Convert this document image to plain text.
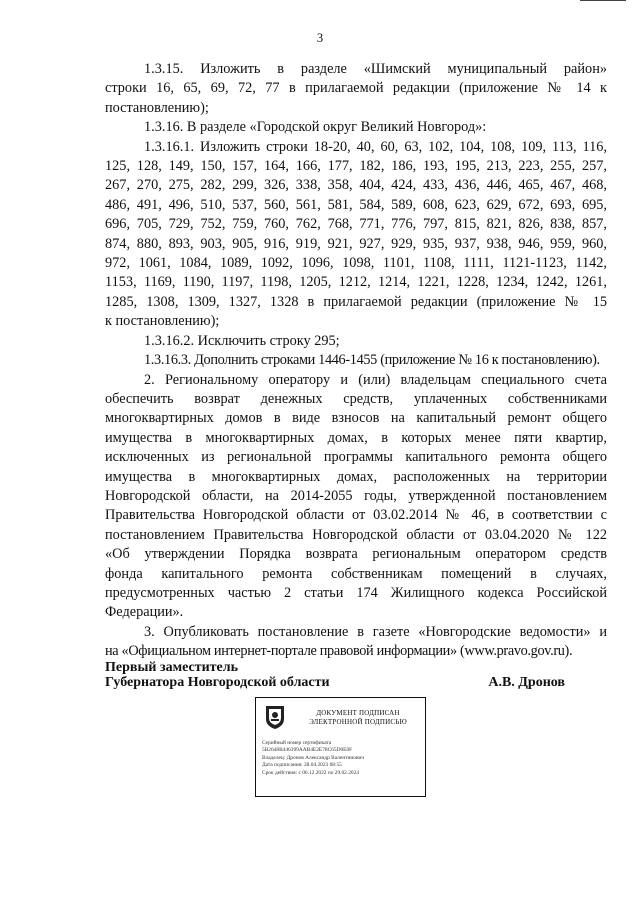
3
1.3.15. Изложить в разделе «Шимский муниципальный район»
строки 16, 65, 69, 72, 77 в прилагаемой редакции (приложение № 14 к
постановлению);
1.3.16. В разделе «Городской округ Великий Новгород»:
1.3.16.1. Изложить строки 18-20, 40, 60, 63, 102, 104, 108, 109, 113, 116,
125, 128, 149, 150, 157, 164, 166, 177, 182, 186, 193, 195, 213, 223, 255, 257,
267, 270, 275, 282, 299, 326, 338, 358, 404, 424, 433, 436, 446, 465, 467, 468,
486, 491, 496, 510, 537, 560, 561, 581, 584, 589, 608, 623, 629, 672, 693, 695,
696, 705, 729, 752, 759, 760, 762, 768, 771, 776, 797, 815, 821, 826, 838, 857,
874, 880, 893, 903, 905, 916, 919, 921, 927, 929, 935, 937, 938, 946, 959, 960,
972, 1061, 1084, 1089, 1092, 1096, 1098, 1101, 1108, 1111, 1121-1123, 1142,
1153, 1169, 1190, 1197, 1198, 1205, 1212, 1214, 1221, 1228, 1234, 1242, 1261,
1285, 1308, 1309, 1327, 1328 в прилагаемой редакции (приложение № 15
к постановлению);
1.3.16.2. Исключить строку 295;
1.3.16.3. Дополнить строками 1446-1455 (приложение № 16 к постановлению).
2. Региональному оператору и (или) владельцам специального счета
обеспечить возврат денежных средств, уплаченных собственниками
многоквартирных домов в виде взносов на капитальный ремонт общего
имущества в многоквартирных домах, в которых менее пяти квартир,
исключенных из региональной программы капитального ремонта общего
имущества в многоквартирных домах, расположенных на территории
Новгородской области, на 2014-2055 годы, утвержденной постановлением
Правительства Новгородской области от 03.02.2014 № 46, в соответствии с
постановлением Правительства Новгородской области от 03.04.2020 № 122
«Об утверждении Порядка возврата региональным оператором средств
фонда капитального ремонта собственникам помещений в случаях,
предусмотренных частью 2 статьи 174 Жилищного кодекса Российской
Федерации».
3. Опубликовать постановление в газете «Новгородские ведомости» и
на «Официальном интернет-портале правовой информации» (www.pravo.gov.ru).
Первый заместитель
Губернатора Новгородской области	А.В. Дронов
ДОКУМЕНТ ПОДПИСАН
ЭЛЕКТРОННОЙ ПОДПИСЬЮ
Серийный номер сертификата
5B2648B446399AAB4E2E78C65D0E0F
Владелец: Дронов Александр Валентинович
Дата подписания: 28.04.2023 08:55
Срок действия: с 06.12.2022 по 29.02.2024
